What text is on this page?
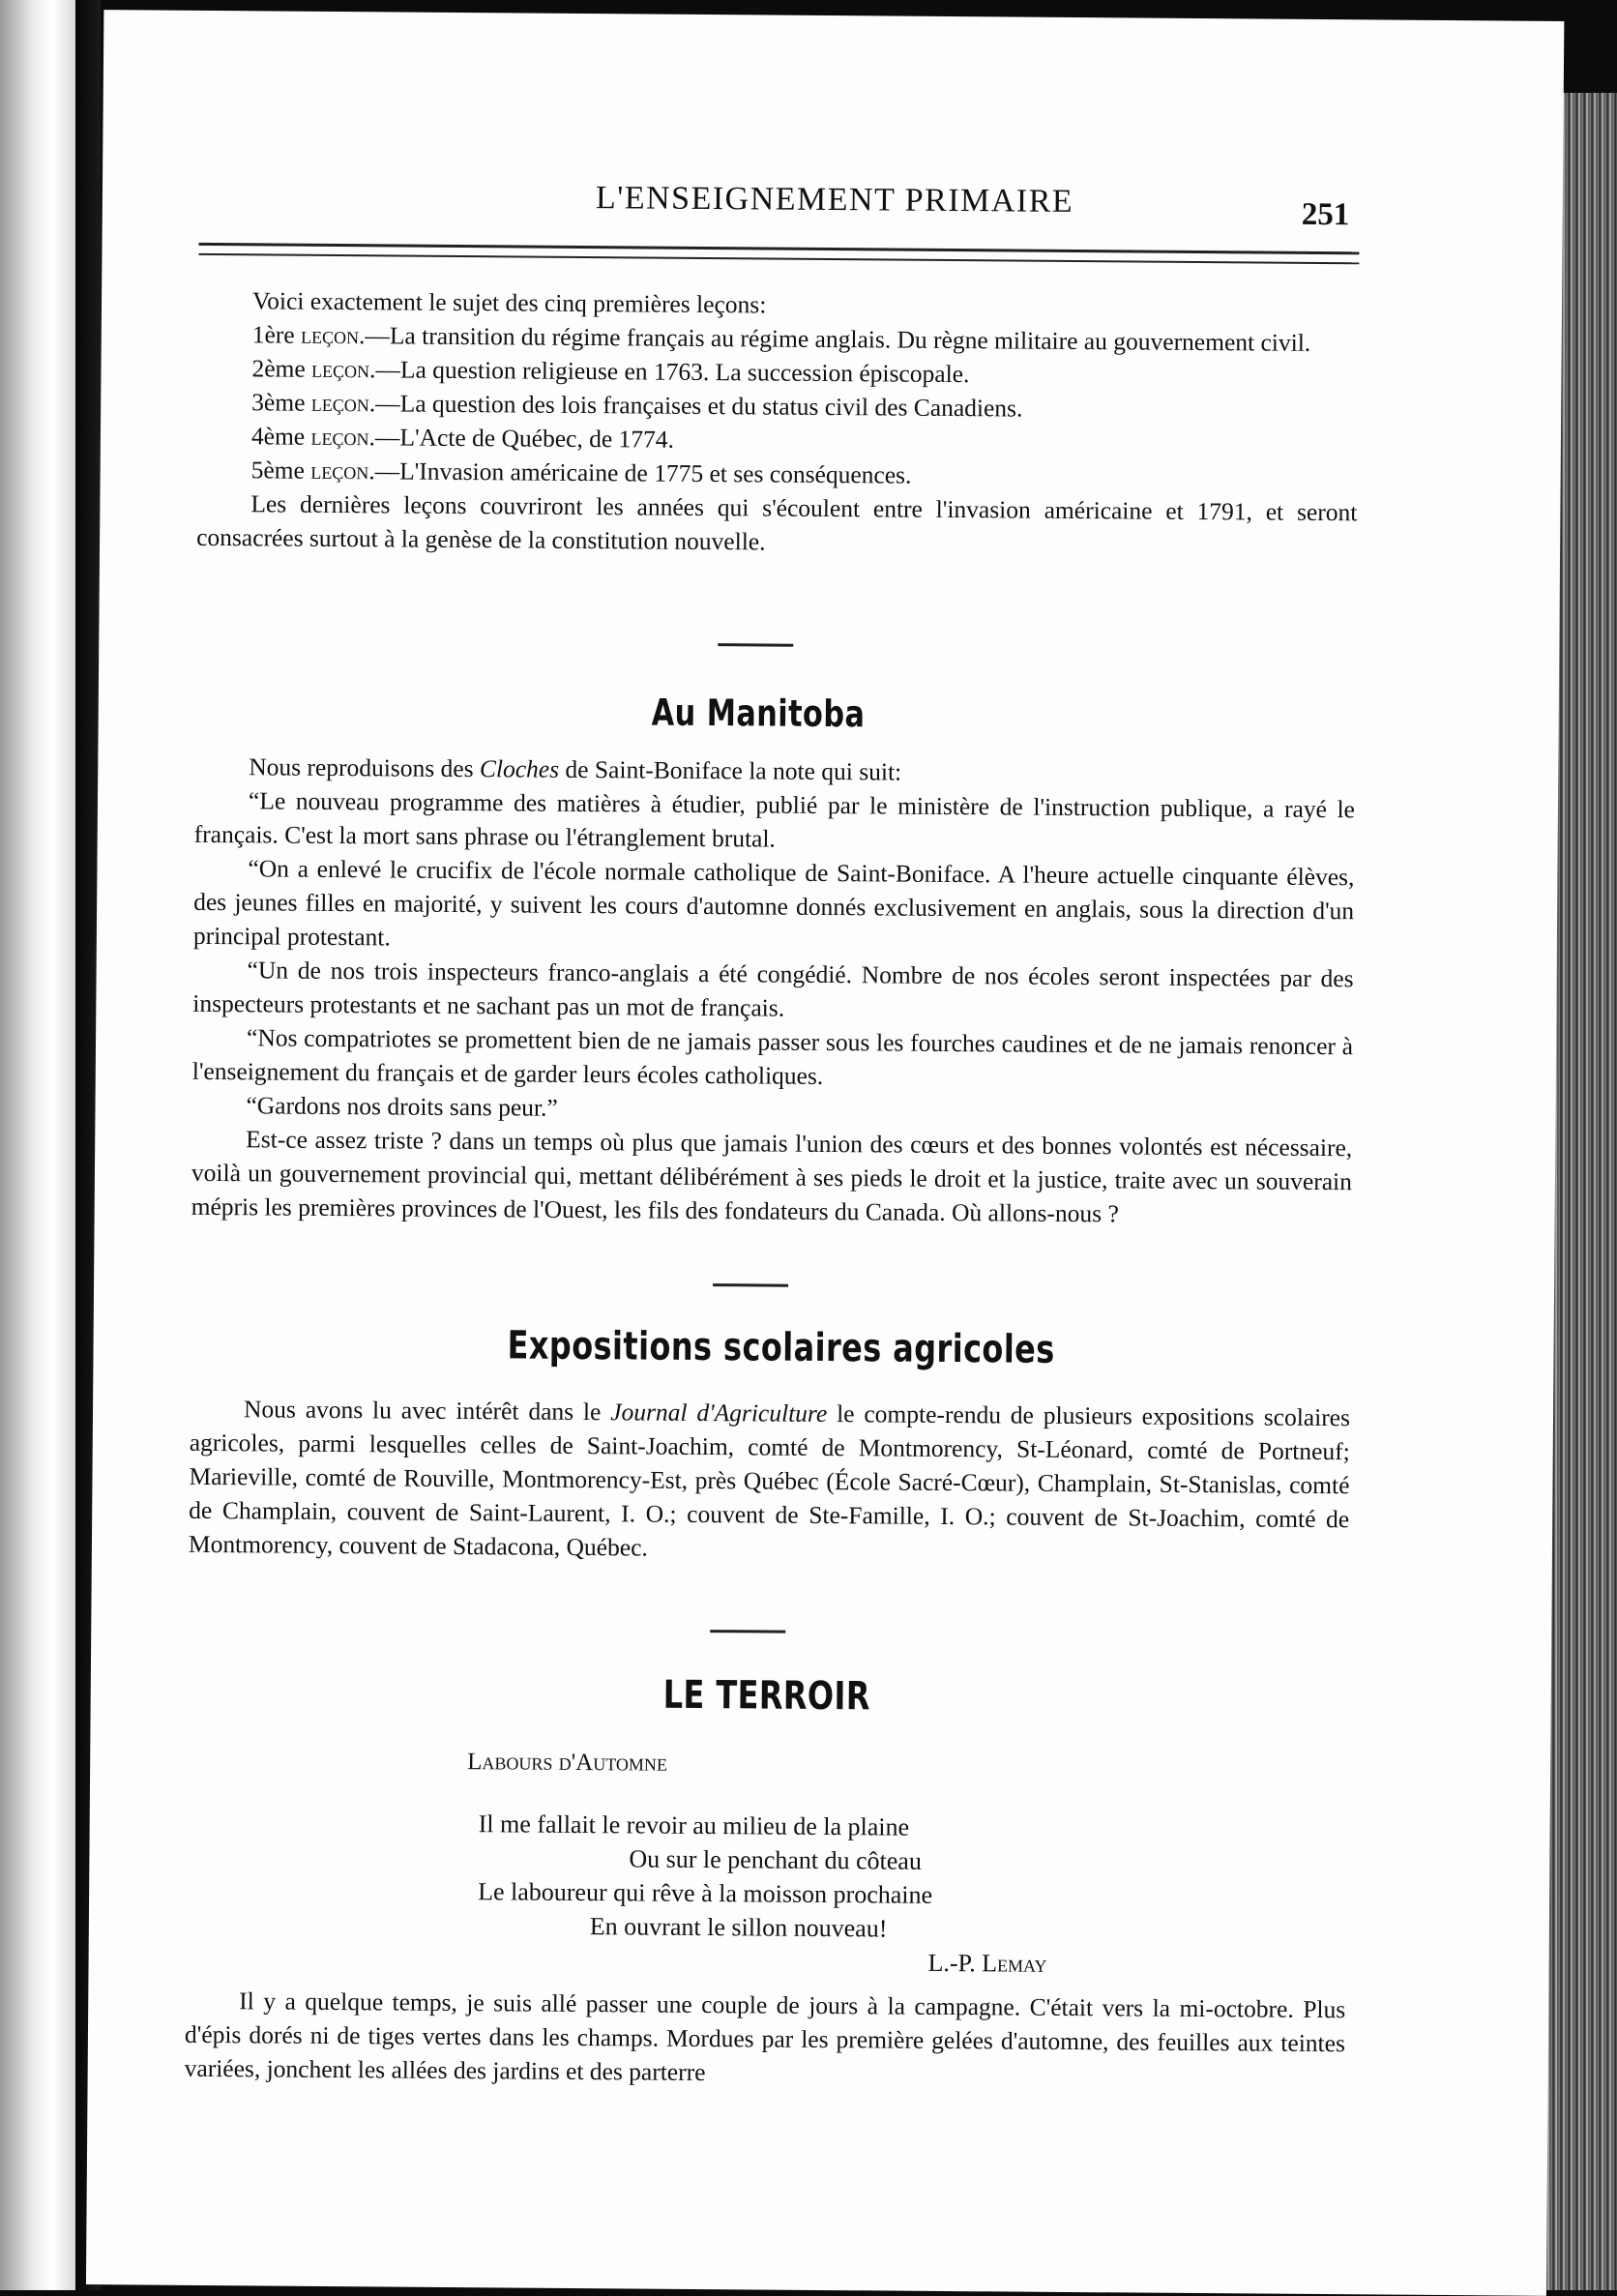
L'ENSEIGNEMENT PRIMAIRE	251

Voici exactement le sujet des cinq premières leçons:

1ère leçon.—La transition du régime français au régime anglais. Du règne militaire au gouvernement civil.

2ème leçon.—La question religieuse en 1763. La succession épiscopale.

3ème leçon.—La question des lois françaises et du status civil des Canadiens.

4ème leçon.—L'Acte de Québec, de 1774.

5ème leçon.—L'Invasion américaine de 1775 et ses conséquences.

Les dernières leçons couvriront les années qui s'écoulent entre l'invasion américaine et 1791, et seront consacrées surtout à la genèse de la constitution nouvelle.

Au Manitoba

Nous reproduisons des Cloches de Saint-Boniface la note qui suit:

“Le nouveau programme des matières à étudier, publié par le ministère de l'instruction publique, a rayé le français. C'est la mort sans phrase ou l'étranglement brutal.

“On a enlevé le crucifix de l'école normale catholique de Saint-Boniface. A l'heure actuelle cinquante élèves, des jeunes filles en majorité, y suivent les cours d'automne donnés exclusivement en anglais, sous la direction d'un principal protestant.

“Un de nos trois inspecteurs franco-anglais a été congédié. Nombre de nos écoles seront inspectées par des inspecteurs protestants et ne sachant pas un mot de français.

“Nos compatriotes se promettent bien de ne jamais passer sous les fourches caudines et de ne jamais renoncer à l'enseignement du français et de garder leurs écoles catholiques.

“Gardons nos droits sans peur.”

Est-ce assez triste ? dans un temps où plus que jamais l'union des cœurs et des bonnes volontés est nécessaire, voilà un gouvernement provincial qui, mettant délibérément à ses pieds le droit et la justice, traite avec un souverain mépris les premières provinces de l'Ouest, les fils des fondateurs du Canada. Où allons-nous ?

Expositions scolaires agricoles

Nous avons lu avec intérêt dans le Journal d'Agriculture le compte-rendu de plusieurs expositions scolaires agricoles, parmi lesquelles celles de Saint-Joachim, comté de Montmorency, St-Léonard, comté de Portneuf; Marieville, comté de Rouville, Montmorency-Est, près Québec (École Sacré-Cœur), Champlain, St-Stanislas, comté de Champlain, couvent de Saint-Laurent, I. O.; couvent de Ste-Famille, I. O.; couvent de St-Joachim, comté de Montmorency, couvent de Stadacona, Québec.

LE TERROIR
Labours d'Automne

Il me fallait le revoir au milieu de la plaine

Ou sur le penchant du côteau

Le laboureur qui rêve à la moisson prochaine

En ouvrant le sillon nouveau!

L.-P. Lemay

Il y a quelque temps, je suis allé passer une couple de jours à la campagne. C'était vers la mi-octobre. Plus d'épis dorés ni de tiges vertes dans les champs. Mordues par les première gelées d'automne, des feuilles aux teintes variées, jonchent les allées des jardins et des parterre
